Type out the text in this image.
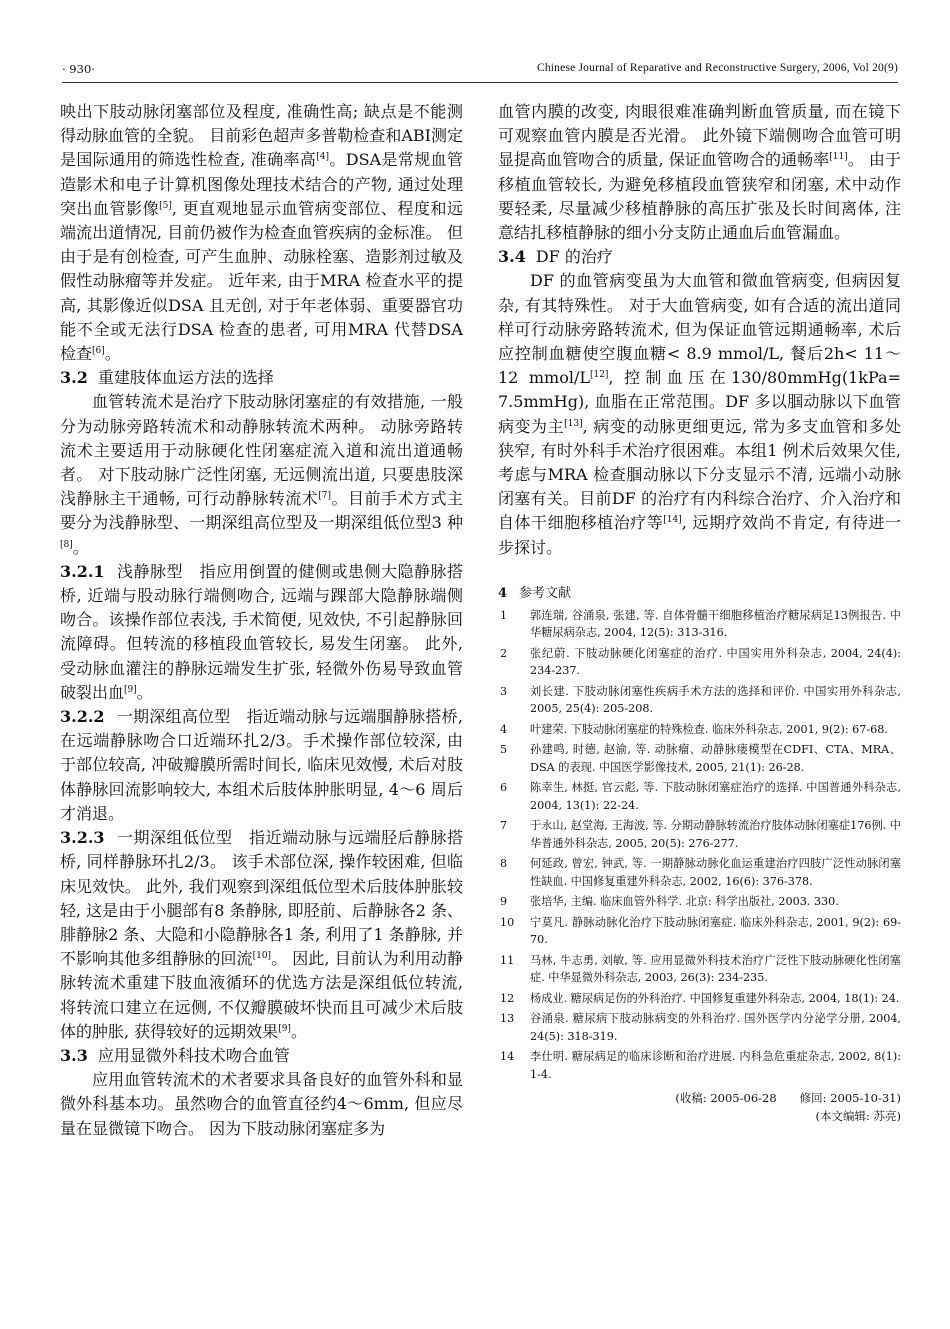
· 930·	Chinese Journal of Reparative and Reconstructive Surgery, 2006, Vol 20(9)

映出下肢动脉闭塞部位及程度, 准确性高; 缺点是不能测得动脉血管的全貌。 目前彩色超声多普勒检查和ABI测定是国际通用的筛选性检查, 准确率高[4]。DSA是常规血管造影术和电子计算机图像处理技术结合的产物, 通过处理突出血管影像[5], 更直观地显示血管病变部位、程度和远端流出道情况, 目前仍被作为检查血管疾病的金标准。 但由于是有创检查, 可产生血肿、动脉栓塞、造影剂过敏及假性动脉瘤等并发症。 近年来, 由于MRA 检查水平的提高, 其影像近似DSA 且无创, 对于年老体弱、重要器官功能不全或无法行DSA 检查的患者, 可用MRA 代替DSA 检查[6]。

3.2 重建肢体血运方法的选择

血管转流术是治疗下肢动脉闭塞症的有效措施, 一般分为动脉旁路转流术和动静脉转流术两种。 动脉旁路转流术主要适用于动脉硬化性闭塞症流入道和流出道通畅者。 对下肢动脉广泛性闭塞, 无远侧流出道, 只要患肢深浅静脉主干通畅, 可行动静脉转流术[7]。目前手术方式主要分为浅静脉型、一期深组高位型及一期深组低位型3 种[8]。

3.2.1 浅静脉型　指应用倒置的健侧或患侧大隐静脉搭桥, 近端与股动脉行端侧吻合, 远端与踝部大隐静脉端侧吻合。该操作部位表浅, 手术简便, 见效快, 不引起静脉回流障碍。但转流的移植段血管较长, 易发生闭塞。 此外, 受动脉血灌注的静脉远端发生扩张, 轻微外伤易导致血管破裂出血[9]。

3.2.2 一期深组高位型　指近端动脉与远端腘静脉搭桥, 在远端静脉吻合口近端环扎2/3。手术操作部位较深, 由于部位较高, 冲破瓣膜所需时间长, 临床见效慢, 术后对肢体静脉回流影响较大, 本组术后肢体肿胀明显, 4～6 周后才消退。

3.2.3 一期深组低位型　指近端动脉与远端胫后静脉搭桥, 同样静脉环扎2/3。 该手术部位深, 操作较困难, 但临床见效快。 此外, 我们观察到深组低位型术后肢体肿胀较轻, 这是由于小腿部有8 条静脉, 即胫前、后静脉各2 条、腓静脉2 条、大隐和小隐静脉各1 条, 利用了1 条静脉, 并不影响其他多组静脉的回流[10]。 因此, 目前认为利用动静脉转流术重建下肢血液循环的优选方法是深组低位转流, 将转流口建立在远侧, 不仅瓣膜破坏快而且可减少术后肢体的肿胀, 获得较好的远期效果[9]。

3.3 应用显微外科技术吻合血管

应用血管转流术的术者要求具备良好的血管外科和显微外科基本功。虽然吻合的血管直径约4～6mm, 但应尽量在显微镜下吻合。 因为下肢动脉闭塞症多为

血管内膜的改变, 肉眼很难准确判断血管质量, 而在镜下可观察血管内膜是否光滑。 此外镜下端侧吻合血管可明显提高血管吻合的质量, 保证血管吻合的通畅率[11]。 由于移植血管较长, 为避免移植段血管狭窄和闭塞, 术中动作要轻柔, 尽量减少移植静脉的高压扩张及长时间离体, 注意结扎移植静脉的细小分支防止通血后血管漏血。

3.4 DF 的治疗

DF 的血管病变虽为大血管和微血管病变, 但病因复杂, 有其特殊性。 对于大血管病变, 如有合适的流出道同样可行动脉旁路转流术, 但为保证血管远期通畅率, 术后应控制血糖使空腹血糖< 8.9 mmol/L, 餐后2h< 11～12 mmol/L[12], 控制血压在130/80mmHg(1kPa= 7.5mmHg), 血脂在正常范围。DF 多以腘动脉以下血管病变为主[13], 病变的动脉更细更远, 常为多支血管和多处狭窄, 有时外科手术治疗很困难。本组1 例术后效果欠佳, 考虑与MRA 检查腘动脉以下分支显示不清, 远端小动脉闭塞有关。目前DF 的治疗有内科综合治疗、介入治疗和自体干细胞移植治疗等[14], 远期疗效尚不肯定, 有待进一步探讨。

4 参考文献
1	郭连瑞, 谷涌泉, 张建, 等. 自体骨髓干细胞移植治疗糖尿病足13例报告. 中华糖尿病杂志, 2004, 12(5): 313-316.
2	张纪蔚. 下肢动脉硬化闭塞症的治疗. 中国实用外科杂志, 2004, 24(4): 234-237.
3	刘长建. 下肢动脉闭塞性疾病手术方法的选择和评价. 中国实用外科杂志, 2005, 25(4): 205-208.
4	叶建荣. 下肢动脉闭塞症的特殊检查. 临床外科杂志, 2001, 9(2): 67-68.
5	孙建鸣, 时德, 赵渝, 等. 动脉瘤、动静脉瘘模型在CDFI、CTA、MRA、DSA 的表现. 中国医学影像技术, 2005, 21(1): 26-28.
6	陈幸生, 林挺, 官云彪, 等. 下肢动脉闭塞症治疗的选择. 中国普通外科杂志, 2004, 13(1): 22-24.
7	于永山, 赵堂海, 王海波, 等. 分期动静脉转流治疗肢体动脉闭塞症176例. 中华普通外科杂志, 2005, 20(5): 276-277.
8	何延政, 曾宏, 钟武, 等. 一期静脉动脉化血运重建治疗四肢广泛性动脉闭塞性缺血. 中国修复重建外科杂志, 2002, 16(6): 376-378.
9	张培华, 主编. 临床血管外科学. 北京: 科学出版社, 2003. 330.
10	宁莫凡. 静脉动脉化治疗下肢动脉闭塞症. 临床外科杂志, 2001, 9(2): 69-70.
11	马林, 牛志勇, 刘敏, 等. 应用显微外科技术治疗广泛性下肢动脉硬化性闭塞症. 中华显微外科杂志, 2003, 26(3): 234-235.
12	杨成业. 糖尿病足伤的外科治疗. 中国修复重建外科杂志, 2004, 18(1): 24.
13	谷涌泉. 糖尿病下肢动脉病变的外科治疗. 国外医学内分泌学分册, 2004, 24(5): 318-319.
14	李仕明. 糖尿病足的临床诊断和治疗进展. 内科急危重症杂志, 2002, 8(1): 1-4.
(收稿: 2005-06-28　　修回: 2005-10-31)
(本文编辑: 苏亮)
